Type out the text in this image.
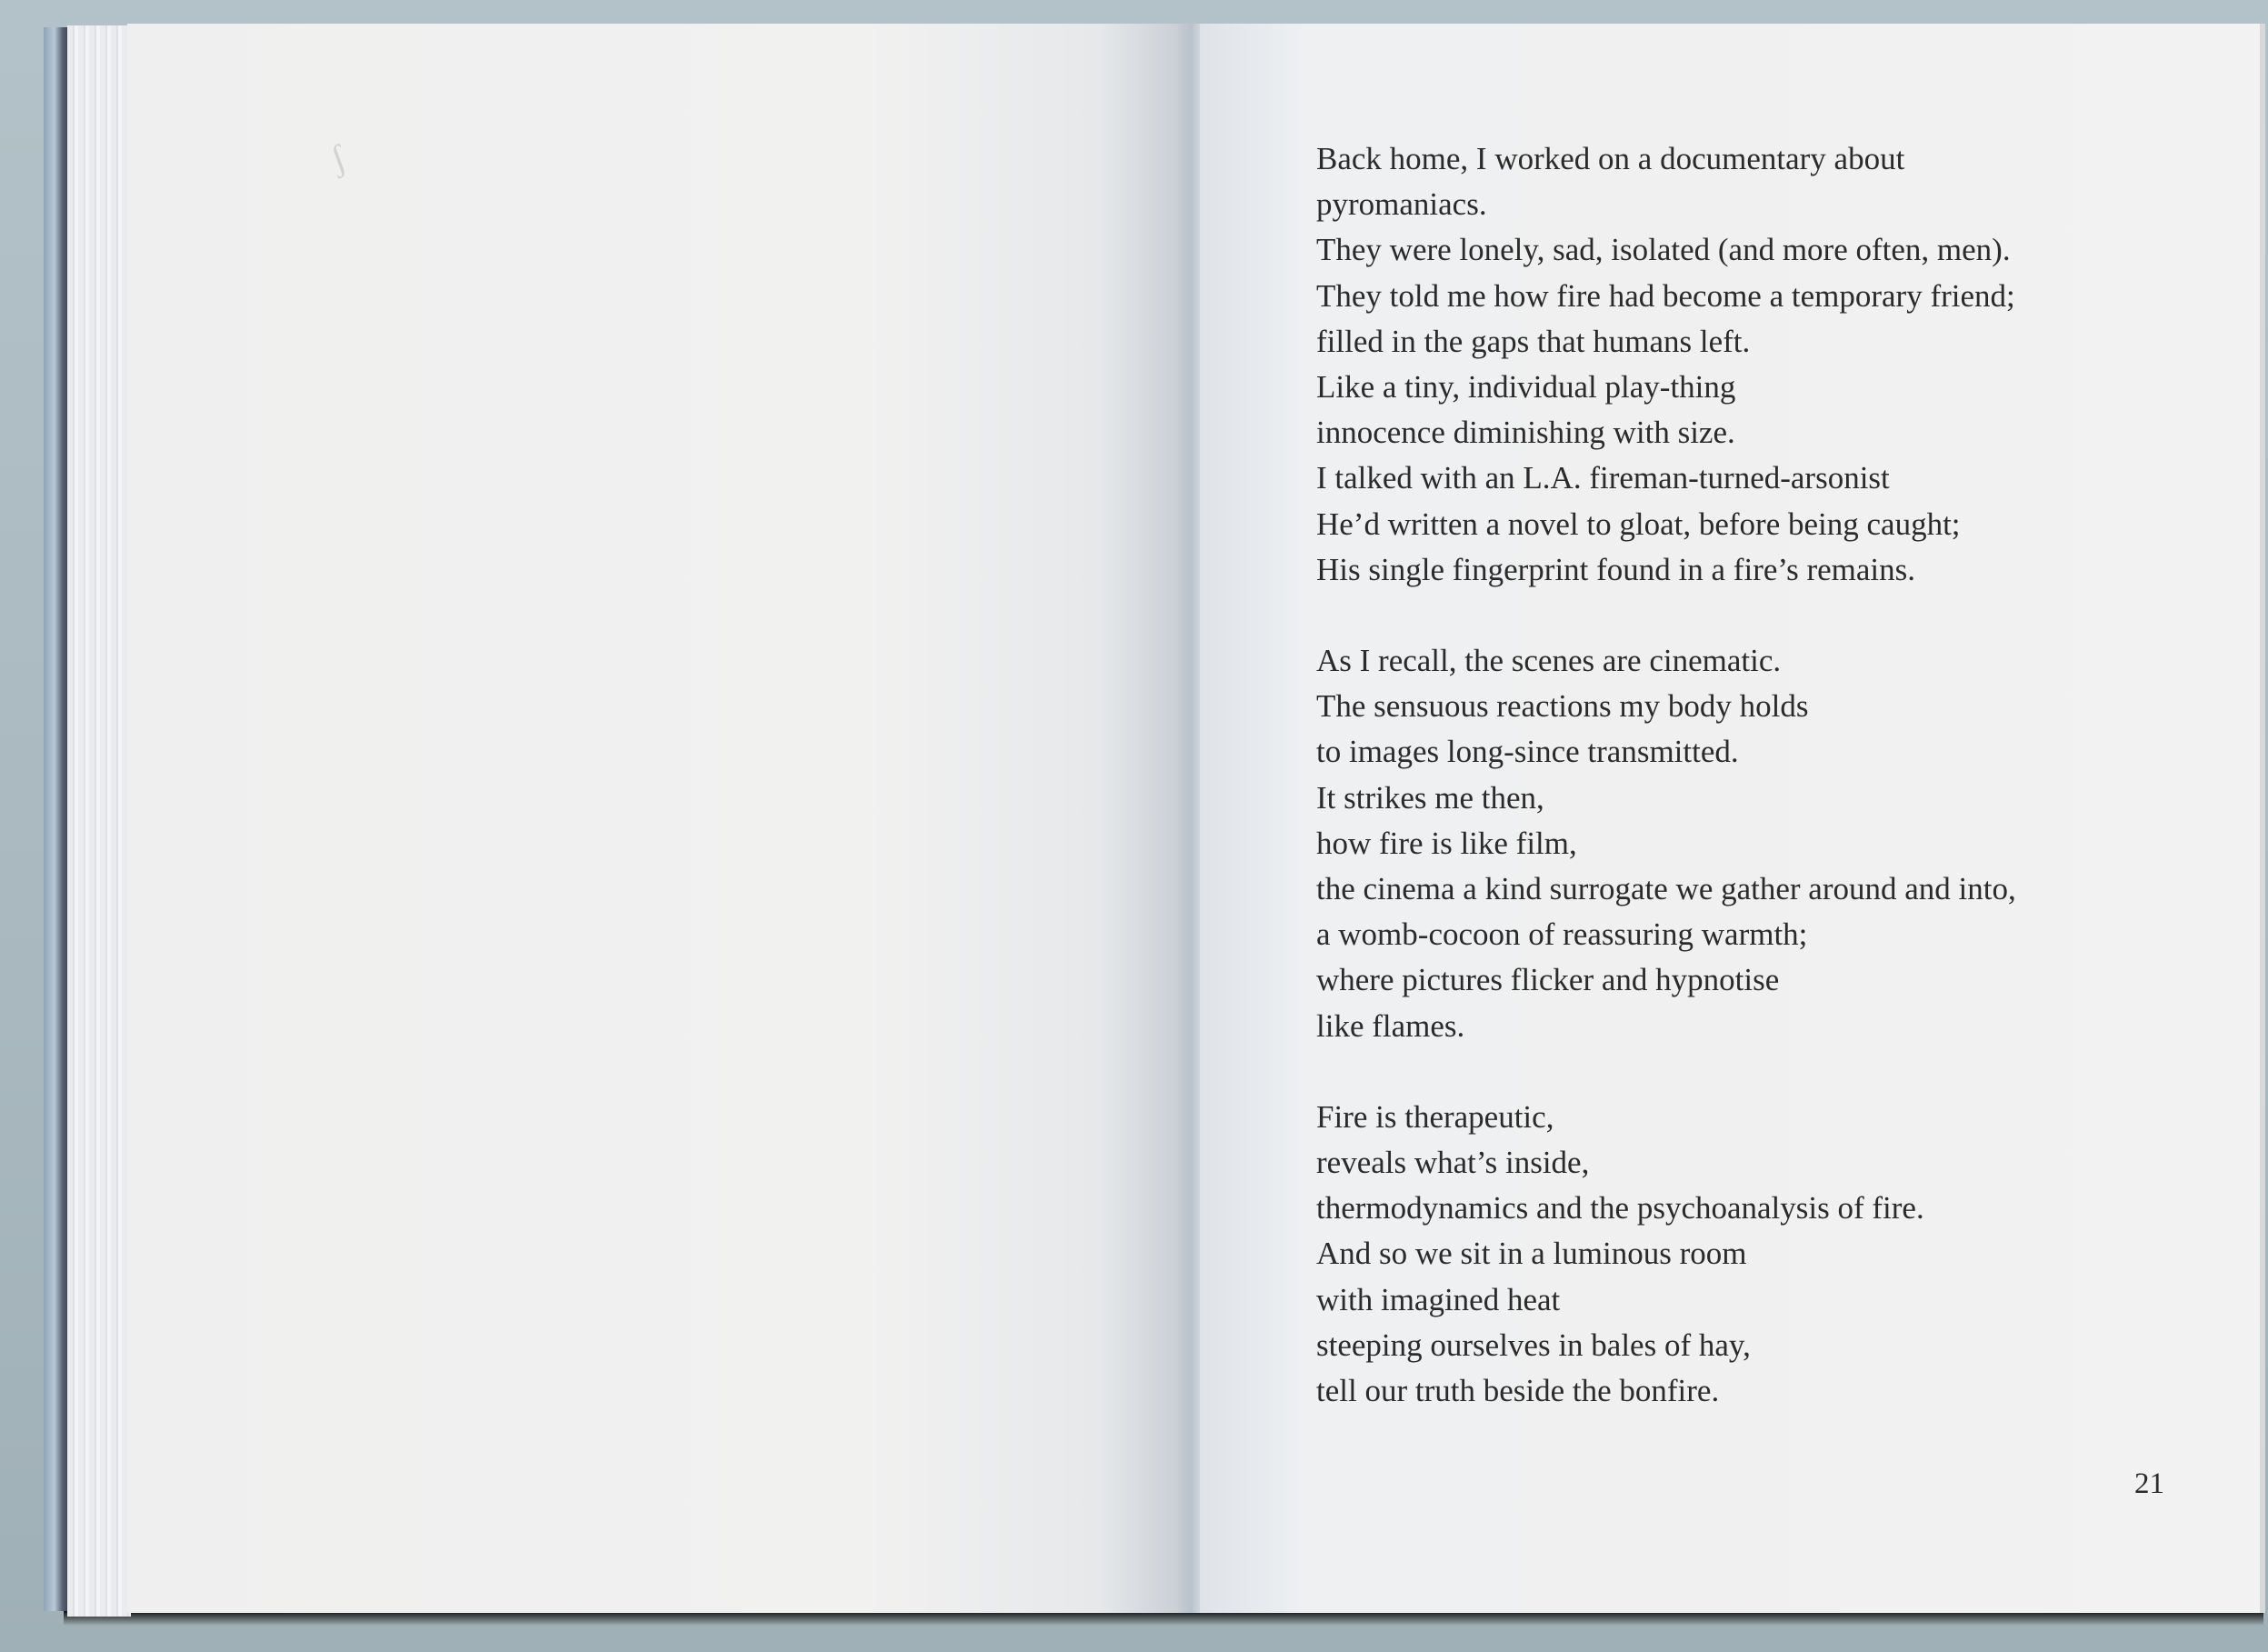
ʃ	Back home, I worked on a documentary about
pyromaniacs.
They were lonely, sad, isolated (and more often, men).
They told me how fire had become a temporary friend;
filled in the gaps that humans left.
Like a tiny, individual play-thing
innocence diminishing with size.
I talked with an L.A. fireman-turned-arsonist
He’d written a novel to gloat, before being caught;
His single fingerprint found in a fire’s remains.
As I recall, the scenes are cinematic.
The sensuous reactions my body holds
to images long-since transmitted.
It strikes me then,
how fire is like film,
the cinema a kind surrogate we gather around and into,
a womb-cocoon of reassuring warmth;
where pictures flicker and hypnotise
like flames.
Fire is therapeutic,
reveals what’s inside,
thermodynamics and the psychoanalysis of fire.
And so we sit in a luminous room
with imagined heat
steeping ourselves in bales of hay,
tell our truth beside the bonfire.
21
